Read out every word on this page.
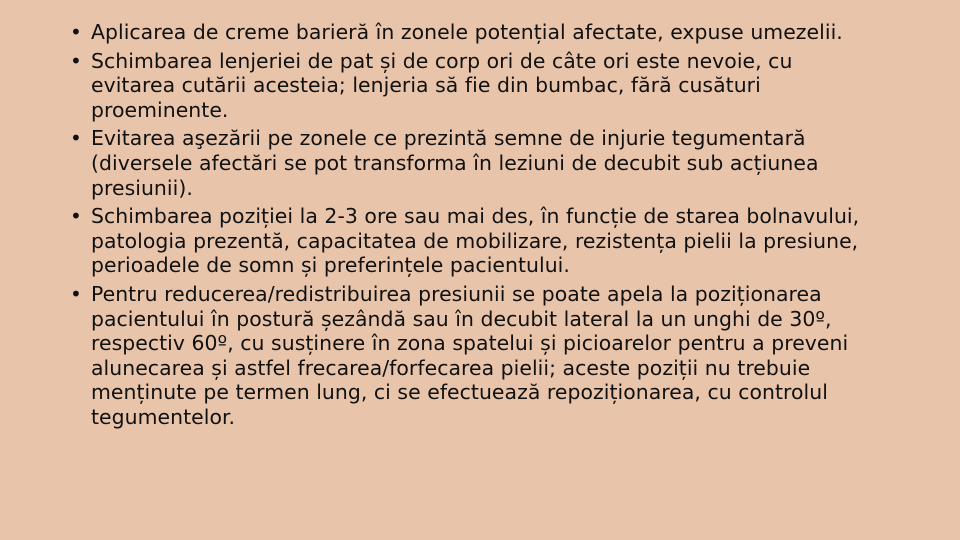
• Aplicarea de creme barieră în zonele potențial afectate, expuse umezelii.
• Schimbarea lenjeriei de pat și de corp ori de câte ori este nevoie, cu evitarea cutării acesteia; lenjeria să fie din bumbac, fără cusături proeminente.
• Evitarea aşezării pe zonele ce prezintă semne de injurie tegumentară (diversele afectări se pot transforma în leziuni de decubit sub acțiunea presiunii).
• Schimbarea poziției la 2-3 ore sau mai des, în funcție de starea bolnavului, patologia prezentă, capacitatea de mobilizare, rezistența pielii la presiune, perioadele de somn și preferințele pacientului.
• Pentru reducerea/redistribuirea presiunii se poate apela la poziționarea pacientului în postură șezândă sau în decubit lateral la un unghi de 30º, respectiv 60º, cu susținere în zona spatelui și picioarelor pentru a preveni alunecarea și astfel frecarea/forfecarea pielii; aceste poziții nu trebuie menținute pe termen lung, ci se efectuează repoziționarea, cu controlul tegumentelor.
